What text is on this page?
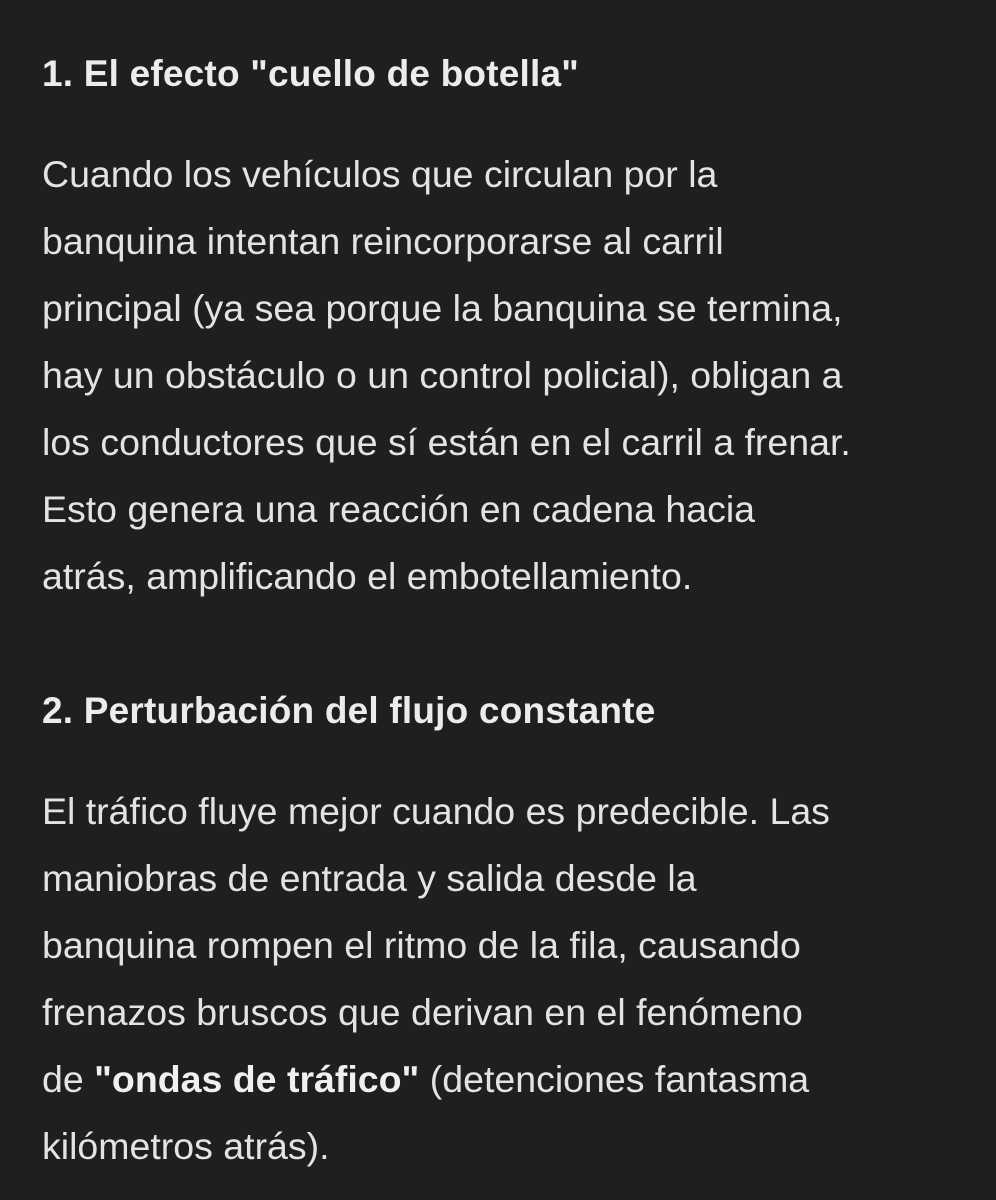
1. El efecto "cuello de botella"

Cuando los vehículos que circulan por la
banquina intentan reincorporarse al carril
principal (ya sea porque la banquina se termina,
hay un obstáculo o un control policial), obligan a
los conductores que sí están en el carril a frenar.
Esto genera una reacción en cadena hacia
atrás, amplificando el embotellamiento.

2. Perturbación del flujo constante

El tráfico fluye mejor cuando es predecible. Las
maniobras de entrada y salida desde la
banquina rompen el ritmo de la fila, causando
frenazos bruscos que derivan en el fenómeno
de "ondas de tráfico" (detenciones fantasma
kilómetros atrás).
